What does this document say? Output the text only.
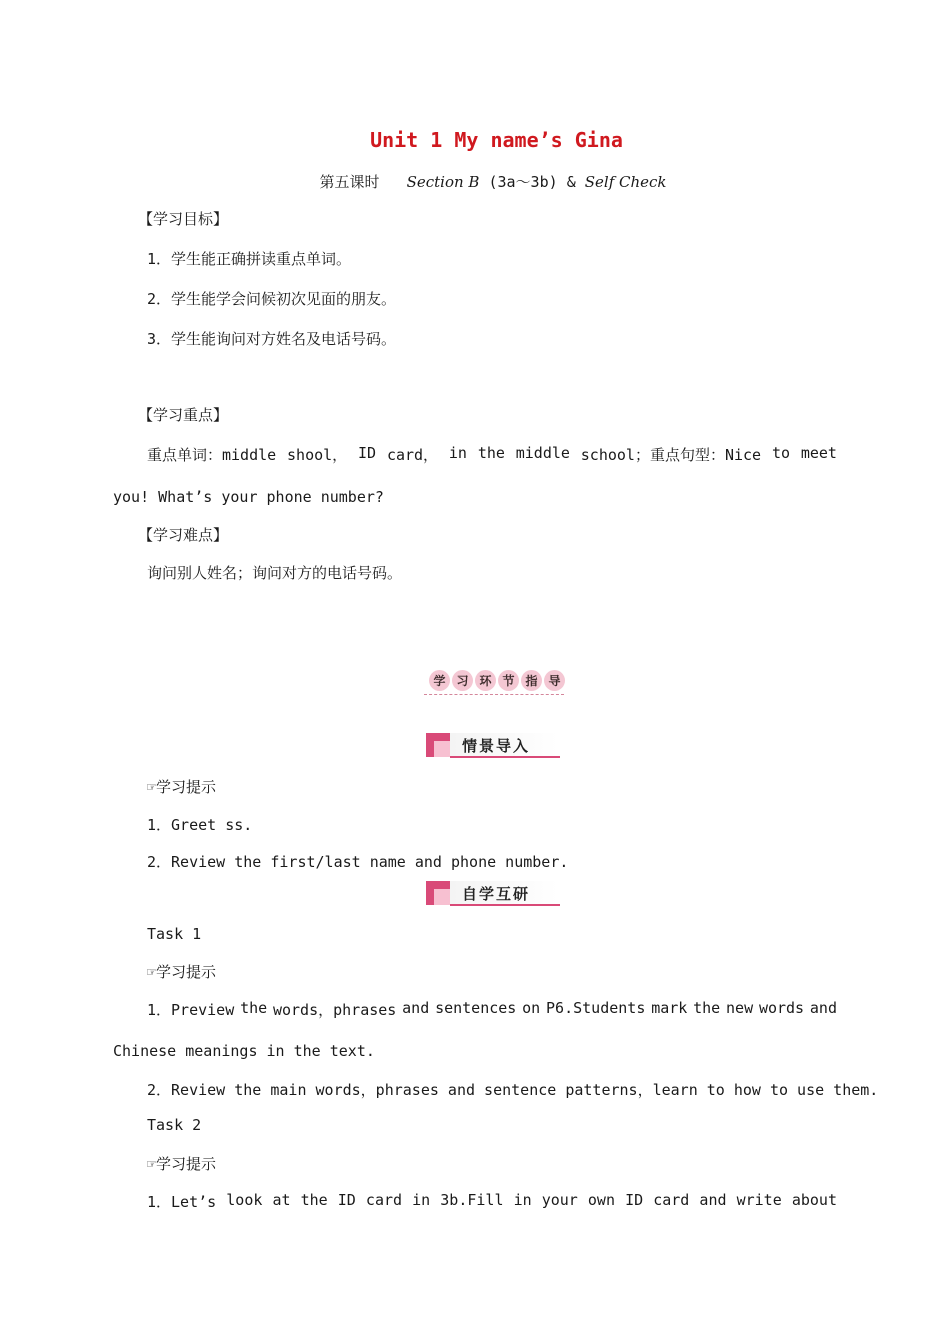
Unit 1 My name’s Gina
第五课时 Section B (3a～3b) & Self Check
【学习目标】
1．学生能正确拼读重点单词。
2．学生能学会问候初次见面的朋友。
3．学生能询问对方姓名及电话号码。
【学习重点】
重点单词：middle shool， ID card， in the middle school；重点句型：Nice to meet
you! What’s your phone number?
【学习难点】
询问别人姓名；询问对方的电话号码。
学 习 环 节 指 导
情景导入
☞学习提示
1．Greet ss.
2．Review the first/last name and phone number.
自学互研
Task 1
☞学习提示
1．Preview the words，phrases and sentences on P6.Students mark the new words and
Chinese meanings in the text.
2．Review the main words，phrases and sentence patterns，learn to how to use them.
Task 2
☞学习提示
1．Let’s look at the ID card in 3b.Fill in your own ID card and write about
